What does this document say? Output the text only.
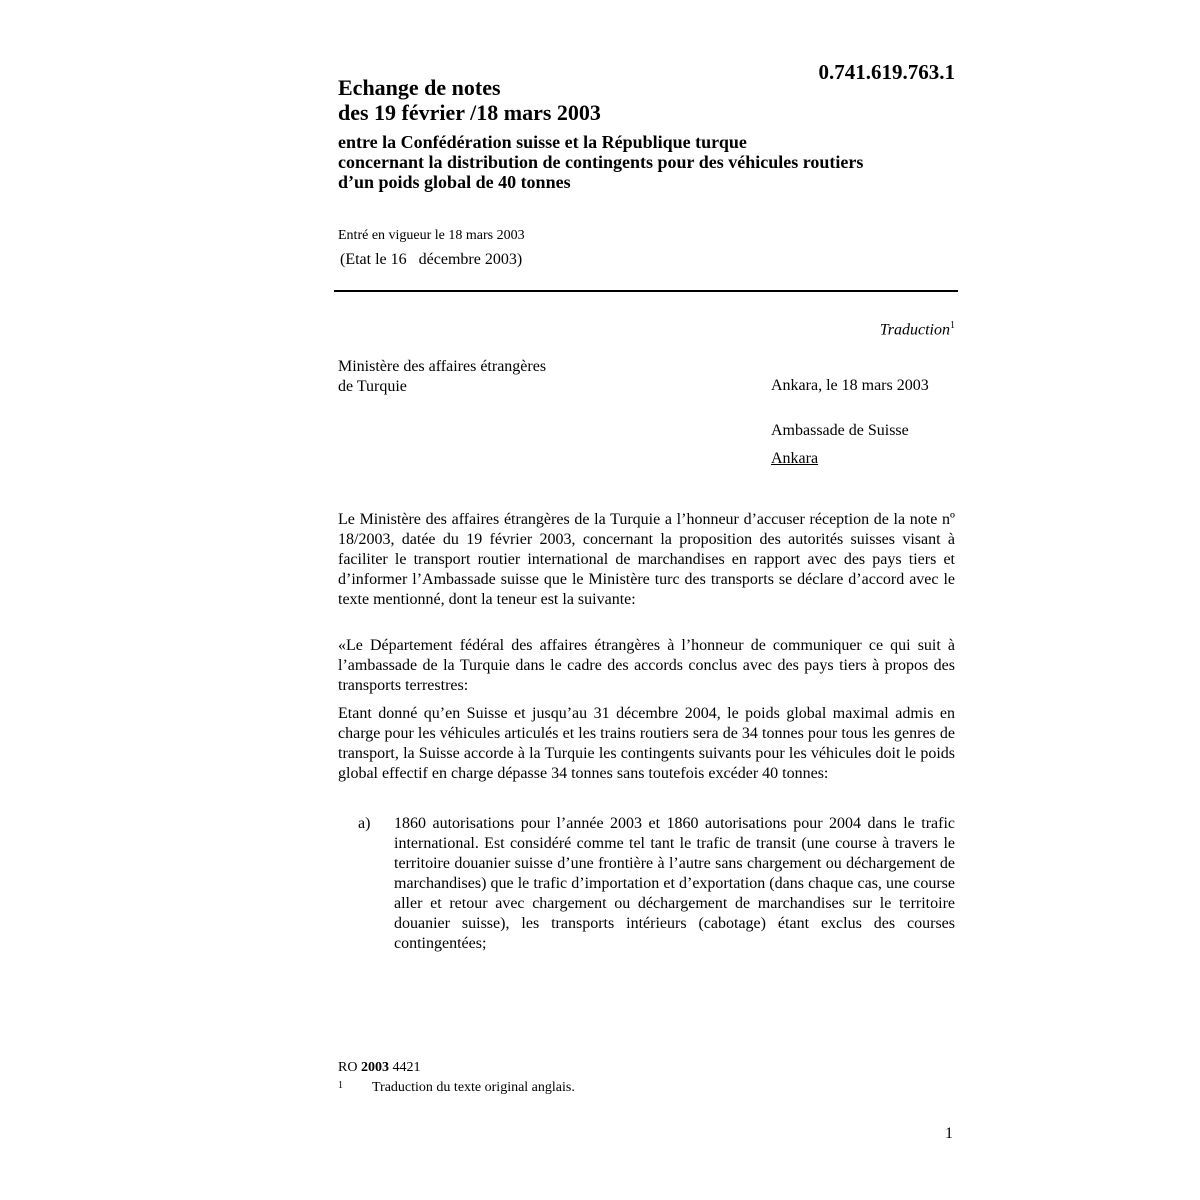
0.741.619.763.1
Echange de notes
des 19 février /18 mars 2003
entre la Confédération suisse et la République turque
concernant la distribution de contingents pour des véhicules routiers
d’un poids global de 40 tonnes
Entré en vigueur le 18 mars 2003
(Etat le 16   décembre 2003)
Traduction$^1$
Ministère des affaires étrangères
de Turquie	Ankara, le 18 mars 2003
Ambassade de Suisse
Ankara

Le Ministère des affaires étrangères de la Turquie a l’honneur d’accuser réception de la note nº 18/2003, datée du 19 février 2003, concernant la proposition des autorités suisses visant à faciliter le transport routier international de marchandises en rapport avec des pays tiers et d’informer l’Ambassade suisse que le Ministère turc des transports se déclare d’accord avec le texte mentionné, dont la teneur est la suivante:

«Le Département fédéral des affaires étrangères à l’honneur de communiquer ce qui suit à l’ambassade de la Turquie dans le cadre des accords conclus avec des pays tiers à propos des transports terrestres:

Etant donné qu’en Suisse et jusqu’au 31 décembre 2004, le poids global maximal admis en charge pour les véhicules articulés et les trains routiers sera de 34 tonnes pour tous les genres de transport, la Suisse accorde à la Turquie les contingents suivants pour les véhicules doit le poids global effectif en charge dépasse 34 tonnes sans toutefois excéder 40 tonnes:

a) 1860 autorisations pour l’année 2003 et 1860 autorisations pour 2004 dans le trafic international. Est considéré comme tel tant le trafic de transit (une course à travers le territoire douanier suisse d’une frontière à l’autre sans chargement ou déchargement de marchandises) que le trafic d’importation et d’exportation (dans chaque cas, une course aller et retour avec chargement ou déchargement de marchandises sur le territoire douanier suisse), les transports intérieurs (cabotage) étant exclus des courses contingentées;
RO 2003 4421
1 Traduction du texte original anglais.
1
